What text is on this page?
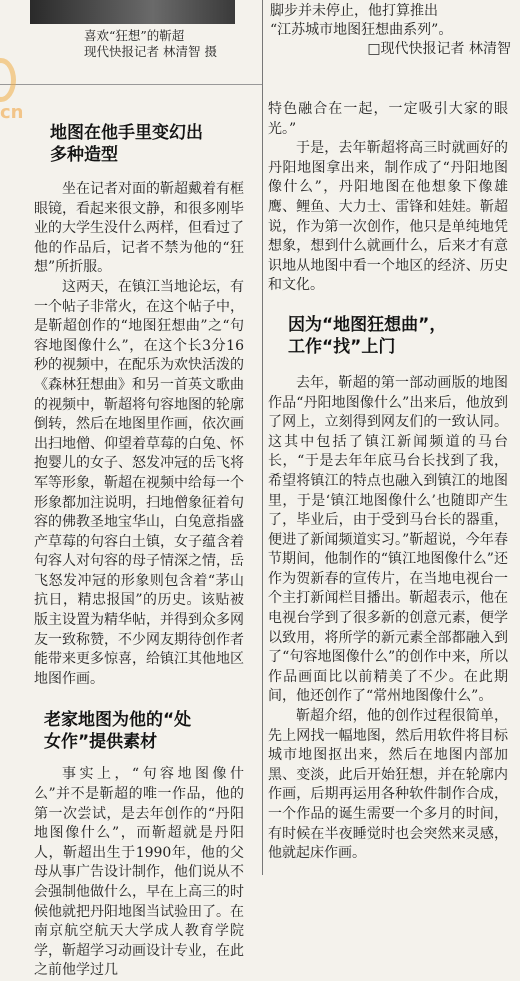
喜欢“狂想”的靳超
现代快报记者 林清智 摄
脚步并未停止，他打算推出
“江苏城市地图狂想曲系列”。
□现代快报记者 林清智
cn
地图在他手里变幻出
多种造型

坐在记者对面的靳超戴着有框眼镜，看起来很文静，和很多刚毕业的大学生没什么两样，但看过了他的作品后，记者不禁为他的“狂想”所折服。

这两天，在镇江当地论坛，有一个帖子非常火，在这个帖子中，是靳超创作的“地图狂想曲”之“句容地图像什么”，在这个长3分16秒的视频中，在配乐为欢快活泼的《森林狂想曲》和另一首英文歌曲的视频中，靳超将句容地图的轮廓倒转，然后在地图里作画，依次画出扫地僧、仰望着草莓的白兔、怀抱婴儿的女子、怒发冲冠的岳飞将军等形象，靳超在视频中给每一个形象都加注说明，扫地僧象征着句容的佛教圣地宝华山，白兔意指盛产草莓的句容白土镇，女子蕴含着句容人对句容的母子情深之情，岳飞怒发冲冠的形象则包含着“茅山抗日，精忠报国”的历史。该贴被版主设置为精华帖，并得到众多网友一致称赞，不少网友期待创作者能带来更多惊喜，给镇江其他地区地图作画。

老家地图为他的“处
女作”提供素材

事实上，“句容地图像什么”并不是靳超的唯一作品，他的第一次尝试，是去年创作的“丹阳地图像什么”，而靳超就是丹阳人，靳超出生于1990年，他的父母从事广告设计制作，他们说从不会强制他做什么，早在上高三的时候他就把丹阳地图当试验田了。在南京航空航天大学成人教育学院学，靳超学习动画设计专业，在此之前他学过几

特色融合在一起，一定吸引大家的眼光。”

于是，去年靳超将高三时就画好的丹阳地图拿出来，制作成了“丹阳地图像什么”，丹阳地图在他想象下像雄鹰、鲤鱼、大力士、雷锋和娃娃。靳超说，作为第一次创作，他只是单纯地凭想象，想到什么就画什么，后来才有意识地从地图中看一个地区的经济、历史和文化。

因为“地图狂想曲”，
工作“找”上门

去年，靳超的第一部动画版的地图作品“丹阳地图像什么”出来后，他放到了网上，立刻得到网友们的一致认同。这其中包括了镇江新闻频道的马台长，“于是去年年底马台长找到了我，希望将镇江的特点也融入到镇江的地图里，于是‘镇江地图像什么’也随即产生了，毕业后，由于受到马台长的器重，便进了新闻频道实习。”靳超说，今年春节期间，他制作的“镇江地图像什么”还作为贺新春的宣传片，在当地电视台一个主打新闻栏目播出。靳超表示，他在电视台学到了很多新的创意元素，便学以致用，将所学的新元素全部都融入到了“句容地图像什么”的创作中来，所以作品画面比以前精美了不少。在此期间，他还创作了“常州地图像什么”。

靳超介绍，他的创作过程很简单，先上网找一幅地图，然后用软件将目标城市地图抠出来，然后在地图内部加黑、变淡，此后开始狂想，并在轮廓内作画，后期再运用各种软件制作合成，一个作品的诞生需要一个多月的时间，有时候在半夜睡觉时也会突然来灵感，他就起床作画。
